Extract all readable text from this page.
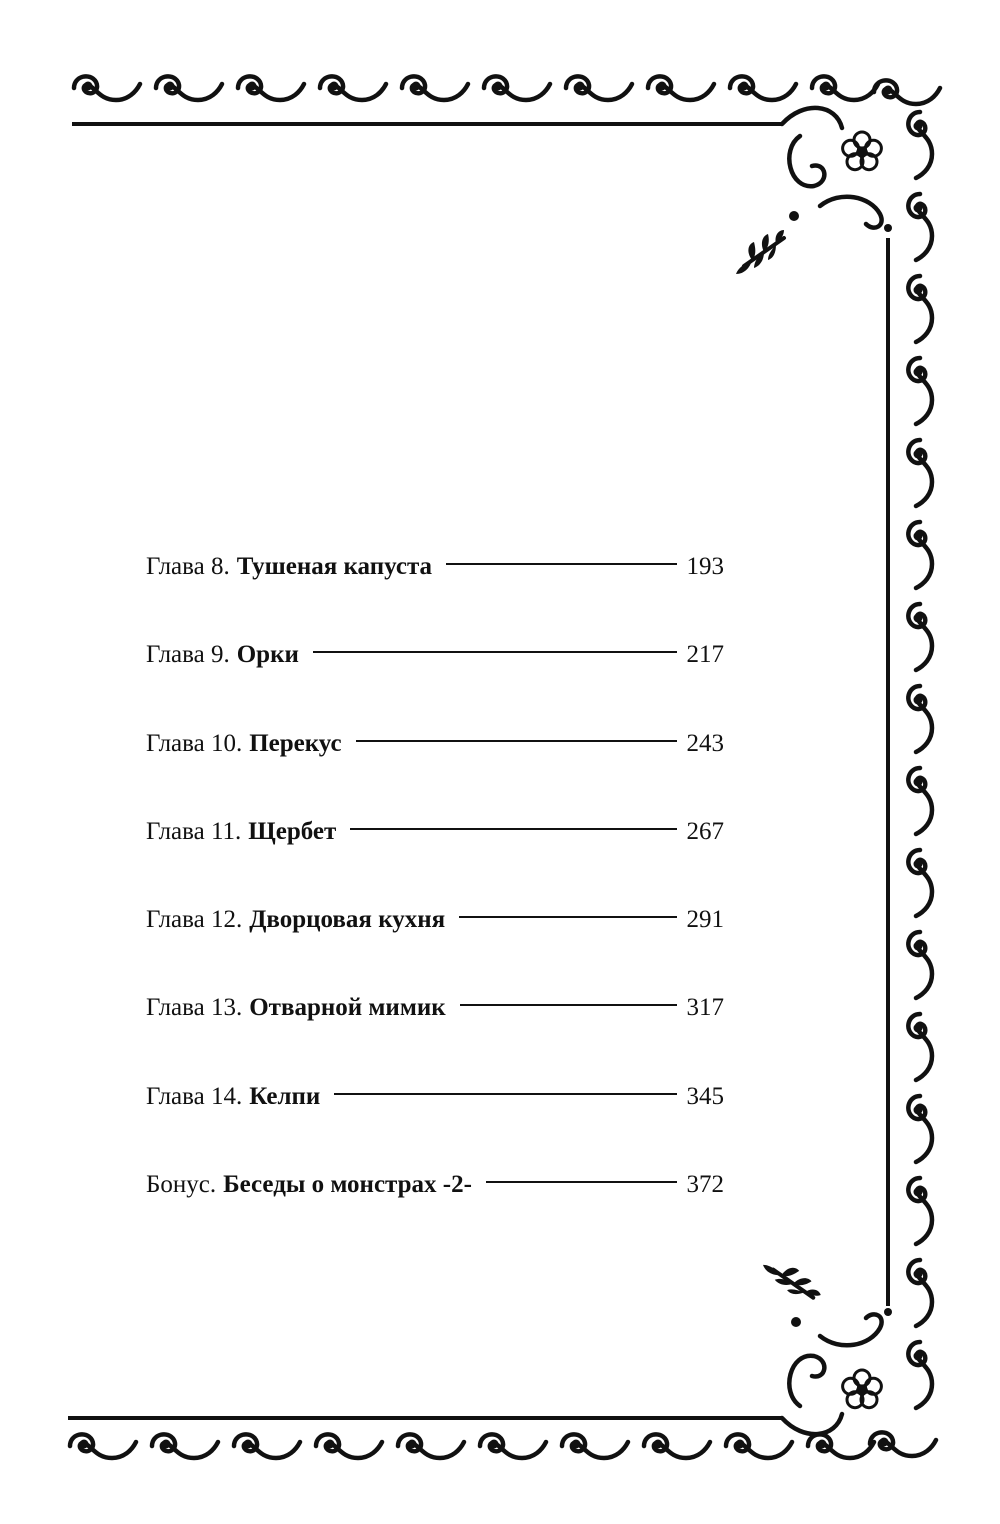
Глава 8. Тушеная капуста	193
Глава 9. Орки	217
Глава 10. Перекус	243
Глава 11. Щербет	267
Глава 12. Дворцовая кухня	291
Глава 13. Отварной мимик	317
Глава 14. Келпи	345
Бонус. Беседы о монстрах -2-	372
